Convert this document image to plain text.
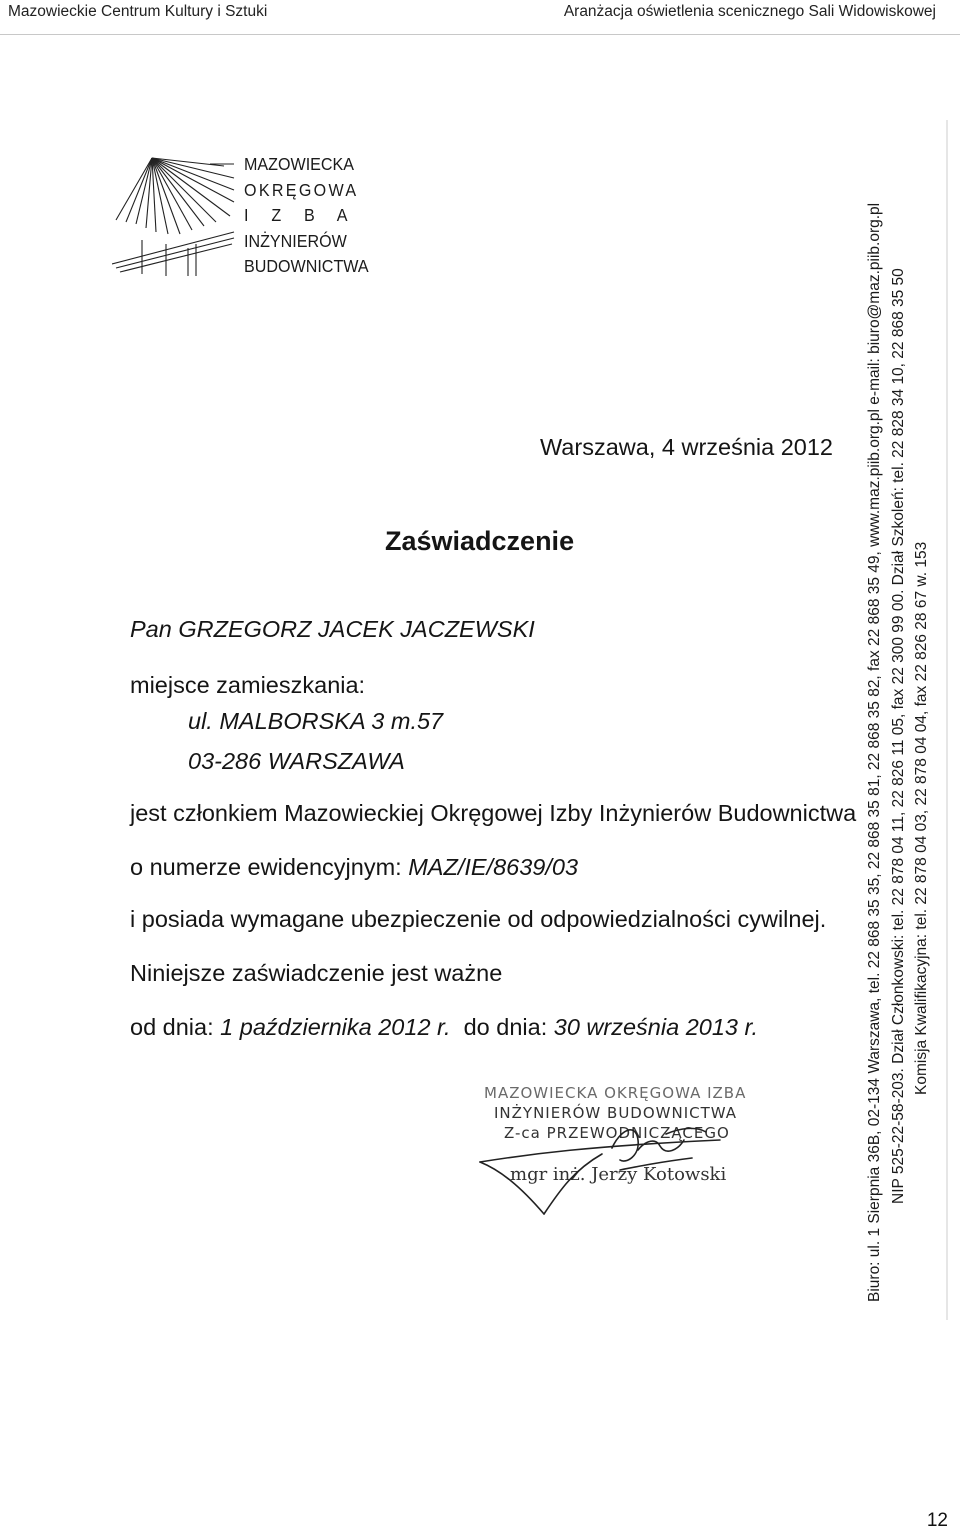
Mazowieckie Centrum Kultury i Sztuki	Aranżacja oświetlenia scenicznego Sali Widowiskowej
MAZOWIECKA
OKRĘGOWA
I Z B A
INŻYNIERÓW
BUDOWNICTWA
Warszawa, 4 września 2012
Zaświadczenie
Pan GRZEGORZ JACEK JACZEWSKI
miejsce zamieszkania:
ul. MALBORSKA 3 m.57
03-286 WARSZAWA
jest członkiem Mazowieckiej Okręgowej Izby Inżynierów Budownictwa
o numerze ewidencyjnym: MAZ/IE/8639/03
i posiada wymagane ubezpieczenie od odpowiedzialności cywilnej.
Niniejsze zaświadczenie jest ważne
od dnia: 1 października 2012 r. do dnia: 30 września 2013 r.
MAZOWIECKA OKRĘGOWA IZBA
INŻYNIERÓW BUDOWNICTWA
Z-ca PRZEWODNICZĄCEGO
mgr inż. Jerzy Kotowski	Biuro: ul. 1 Sierpnia 36B, 02-134 Warszawa, tel. 22 868 35 35, 22 868 35 81, 22 868 35 82, fax 22 868 35 49, www.maz.piib.org.pl e-mail: biuro@maz.piib.org.pl NIP 525-22-58-203. Dział Członkowski: tel. 22 878 04 11, 22 826 11 05, fax 22 300 99 00. Dział Szkoleń: tel. 22 828 34 10, 22 868 35 50 Komisja Kwalifikacyjna: tel. 22 878 04 03, 22 878 04 04, fax 22 826 28 67 w. 153
12
